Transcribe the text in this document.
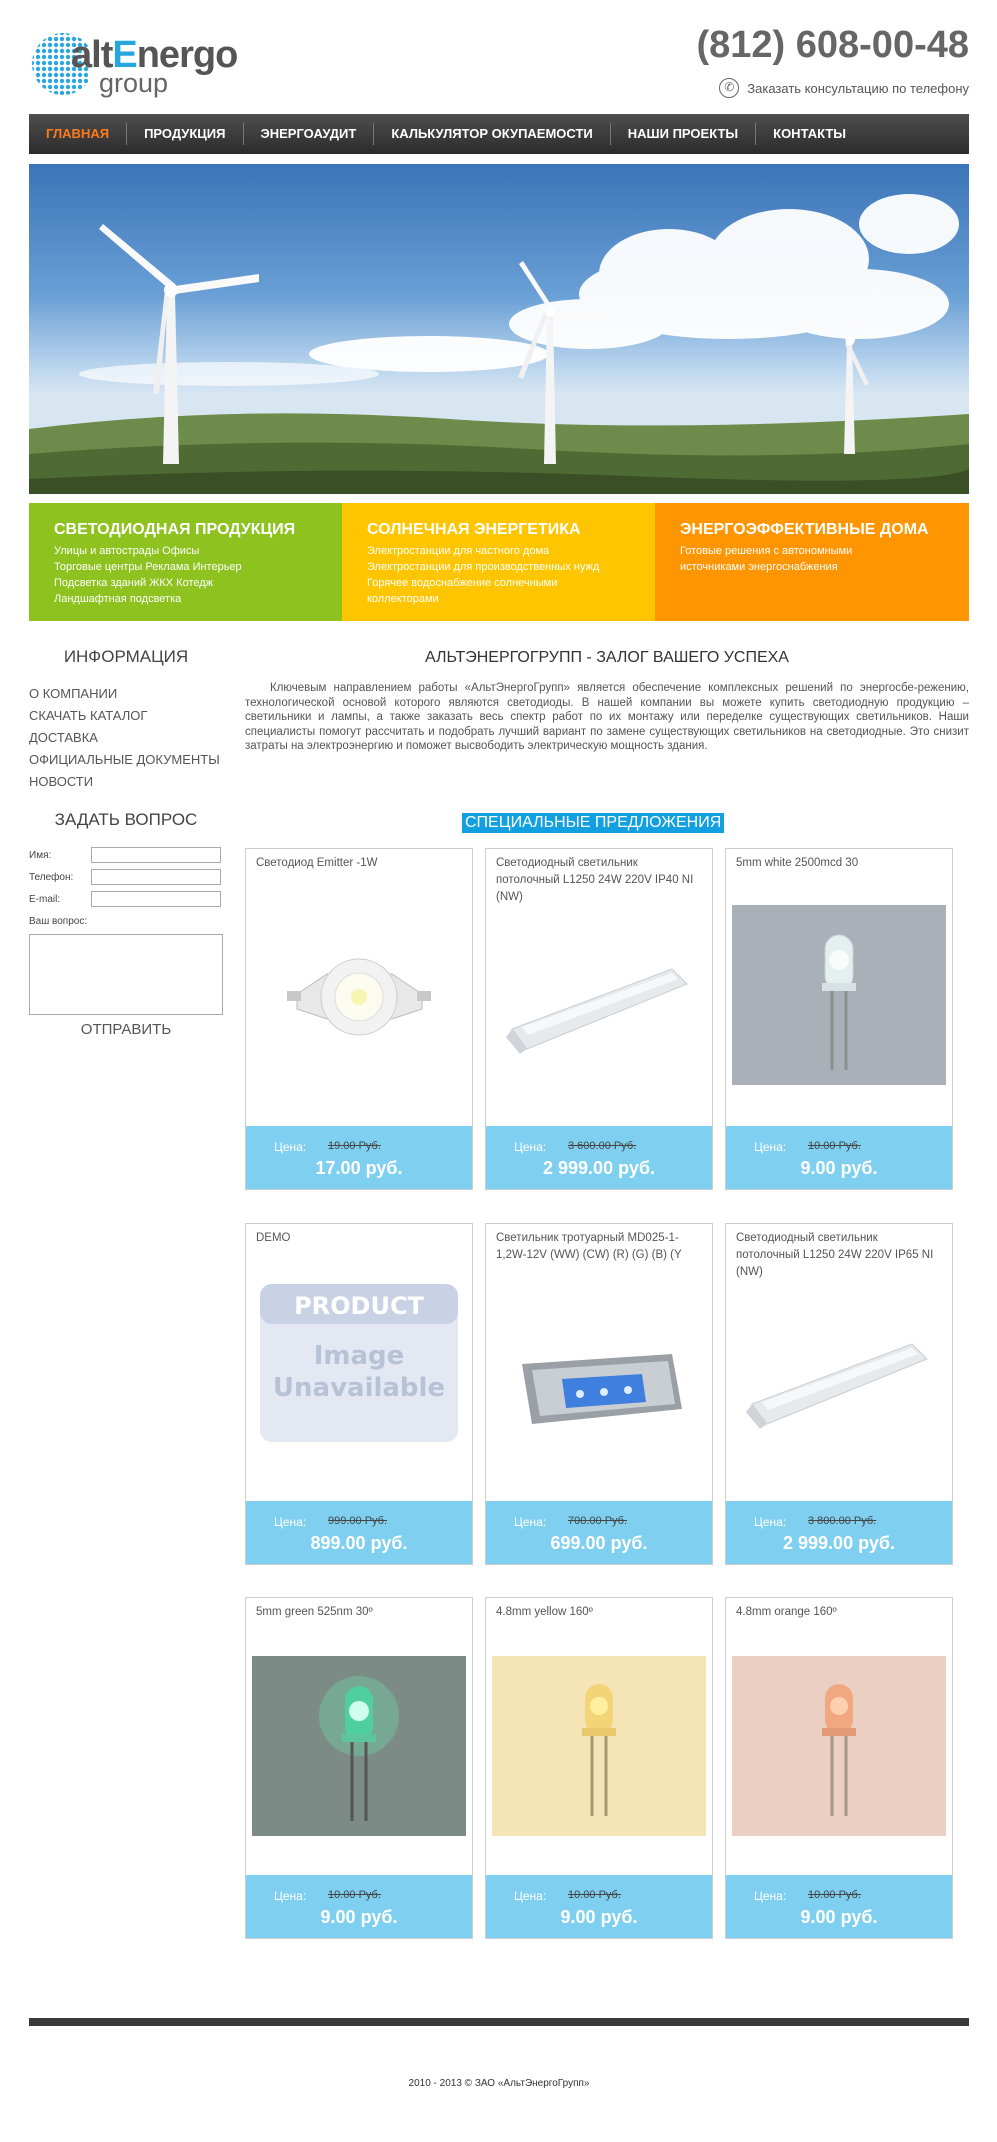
altEnergo
group
(812) 608-00-48
✆ Заказать консультацию по телефону
ГЛАВНАЯ	ПРОДУКЦИЯ	ЭНЕРГОАУДИТ	КАЛЬКУЛЯТОР ОКУПАЕМОСТИ	НАШИ ПРОЕКТЫ	КОНТАКТЫ
СВЕТОДИОДНАЯ ПРОДУКЦИЯ
Улицы и автострады Офисы
Торговые центры Реклама Интерьер
Подсветка зданий ЖКХ Котедж
Ландшафтная подсветка
СОЛНЕЧНАЯ ЭНЕРГЕТИКА
Электростанции для частного дома
Электростанции для производственных нужд
Горячее водоснабжение солнечными
коллекторами
ЭНЕРГОЭФФЕКТИВНЫЕ ДОМА
Готовые решения с автономными
источниками энергоснабжения
ИНФОРМАЦИЯ
О КОМПАНИИ
СКАЧАТЬ КАТАЛОГ
ДОСТАВКА
ОФИЦИАЛЬНЫЕ ДОКУМЕНТЫ
НОВОСТИ
ЗАДАТЬ ВОПРОС
Имя:
Телефон:
E-mail:
Ваш вопрос:
ОТПРАВИТЬ
АЛЬТЭНЕРГОГРУПП - ЗАЛОГ ВАШЕГО УСПЕХА
Ключевым направлением работы «АльтЭнергоГрупп» является обеспечение комплексных решений по энергосбе-режению, технологической основой которого являются светодиоды. В нашей компании вы можете купить светодиодную продукцию – светильники и лампы, а также заказать весь спектр работ по их монтажу или переделке существующих светильников. Наши специалисты помогут рассчитать и подобрать лучший вариант по замене существующих светильников на светодиодные. Это снизит затраты на электроэнергию и поможет высвободить электрическую мощность здания.
СПЕЦИАЛЬНЫЕ ПРЕДЛОЖЕНИЯ
2010 - 2013 © ЗАО «АльтЭнергоГрупп»
Светодиод Emitter -1W
Цена: 19.00 Руб.
17.00 руб.
Светодиодный светильник потолочный L1250 24W 220V IP40 NI (NW)
Цена: 3 600.00 Руб.
2 999.00 руб.
5mm white 2500mcd 30
Цена: 10.00 Руб.
9.00 руб.
DEMO
PRODUCT
Image
Unavailable
Цена: 999.00 Руб.
899.00 руб.
Светильник тротуарный MD025-1-1,2W-12V (WW) (CW) (R) (G) (B) (Y
Цена: 700.00 Руб.
699.00 руб.
Светодиодный светильник потолочный L1250 24W 220V IP65 NI (NW)
Цена: 3 800.00 Руб.
2 999.00 руб.
5mm green 525nm 30º
Цена: 10.00 Руб.
9.00 руб.
4.8mm yellow 160º
Цена: 10.00 Руб.
9.00 руб.
4.8mm orange 160º
Цена: 10.00 Руб.
9.00 руб.
